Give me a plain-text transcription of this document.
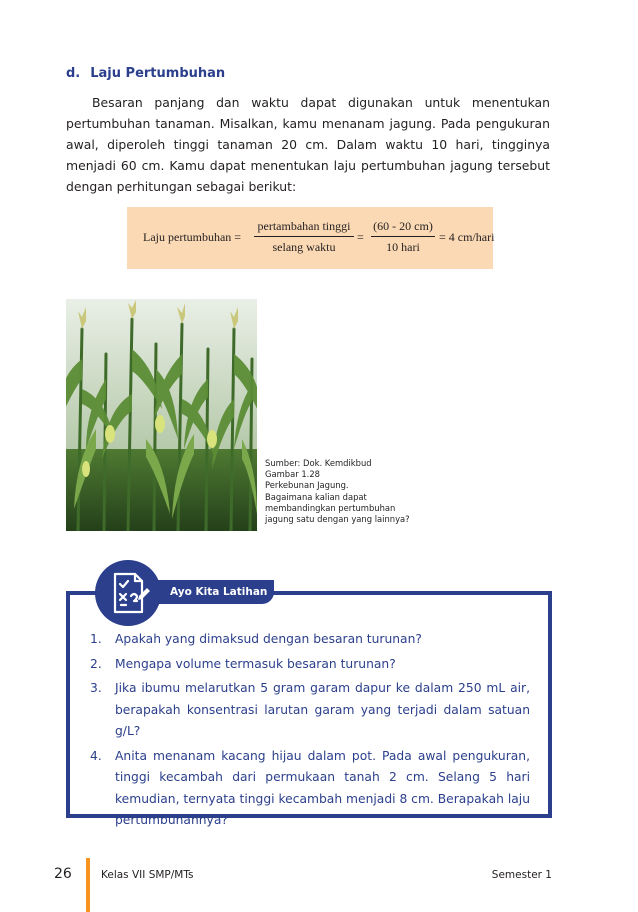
d. Laju Pertumbuhan

Besaran panjang dan waktu dapat digunakan untuk menentukan pertumbuhan tanaman. Misalkan, kamu menanam jagung. Pada pengukuran awal, diperoleh tinggi tanaman 20 cm. Dalam waktu 10 hari, tingginya menjadi 60 cm. Kamu dapat menentukan laju pertumbuhan jagung tersebut dengan perhitungan sebagai berikut:

Laju pertumbuhan =
pertambahan tinggi
selang waktu
=
(60 - 20 cm)
10 hari
= 4 cm/hari

Sumber: Dok. Kemdikbud
Gambar 1.28
Perkebunan Jagung.
Bagaimana kalian dapat
membandingkan pertumbuhan
jagung satu dengan yang lainnya?

Ayo Kita Latihan
1.	Apakah yang dimaksud dengan besaran turunan?
2.	Mengapa volume termasuk besaran turunan?
3.	Jika ibumu melarutkan 5 gram garam dapur ke dalam 250 mL air, berapakah konsentrasi larutan garam yang terjadi dalam satuan g/L?
4.	Anita menanam kacang hijau dalam pot. Pada awal pengukuran, tinggi kecambah dari permukaan tanah 2 cm. Selang 5 hari kemudian, ternyata tinggi kecambah menjadi 8 cm. Berapakah laju pertumbuhannya?
26	Kelas VII SMP/MTs	Semester 1
